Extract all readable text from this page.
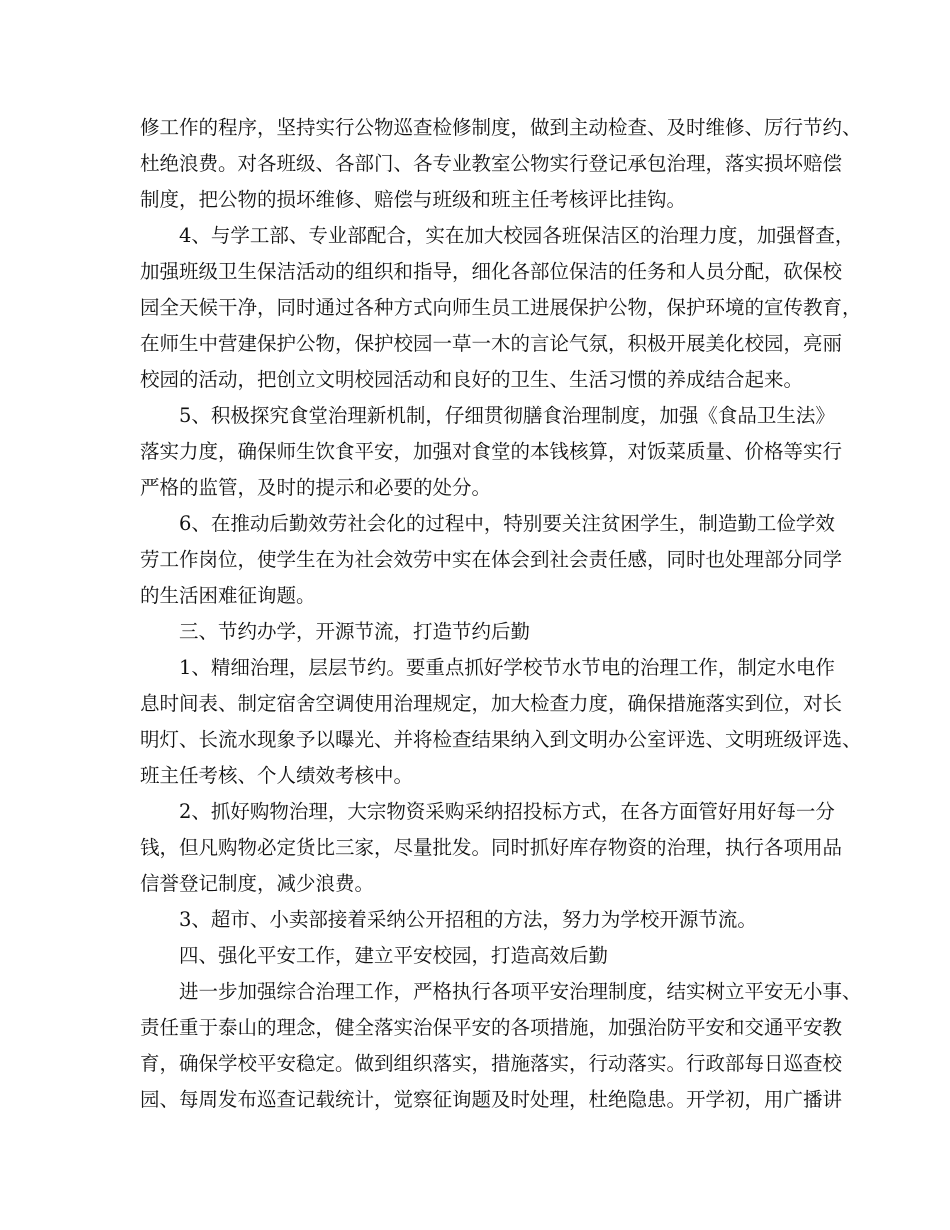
修工作的程序，坚持实行公物巡查检修制度，做到主动检查、及时维修、厉行节约、
杜绝浪费。对各班级、各部门、各专业教室公物实行登记承包治理，落实损坏赔偿
制度，把公物的损坏维修、赔偿与班级和班主任考核评比挂钩。
4、与学工部、专业部配合，实在加大校园各班保洁区的治理力度，加强督查，
加强班级卫生保洁活动的组织和指导，细化各部位保洁的任务和人员分配，砍保校
园全天候干净，同时通过各种方式向师生员工进展保护公物，保护环境的宣传教育，
在师生中营建保护公物，保护校园一草一木的言论气氛，积极开展美化校园，亮丽
校园的活动，把创立文明校园活动和良好的卫生、生活习惯的养成结合起来。
5、积极探究食堂治理新机制，仔细贯彻膳食治理制度，加强《食品卫生法》
落实力度，确保师生饮食平安，加强对食堂的本钱核算，对饭菜质量、价格等实行
严格的监管，及时的提示和必要的处分。
6、在推动后勤效劳社会化的过程中，特别要关注贫困学生，制造勤工俭学效
劳工作岗位，使学生在为社会效劳中实在体会到社会责任感，同时也处理部分同学
的生活困难征询题。
三、节约办学，开源节流，打造节约后勤
1、精细治理，层层节约。要重点抓好学校节水节电的治理工作，制定水电作
息时间表、制定宿舍空调使用治理规定，加大检查力度，确保措施落实到位，对长
明灯、长流水现象予以曝光、并将检查结果纳入到文明办公室评选、文明班级评选、
班主任考核、个人绩效考核中。
2、抓好购物治理，大宗物资采购采纳招投标方式，在各方面管好用好每一分
钱，但凡购物必定货比三家，尽量批发。同时抓好库存物资的治理，执行各项用品
信誉登记制度，减少浪费。
3、超市、小卖部接着采纳公开招租的方法，努力为学校开源节流。
四、强化平安工作，建立平安校园，打造高效后勤
进一步加强综合治理工作，严格执行各项平安治理制度，结实树立平安无小事、
责任重于泰山的理念，健全落实治保平安的各项措施，加强治防平安和交通平安教
育，确保学校平安稳定。做到组织落实，措施落实，行动落实。行政部每日巡查校
园、每周发布巡查记载统计，觉察征询题及时处理，杜绝隐患。开学初，用广播讲
